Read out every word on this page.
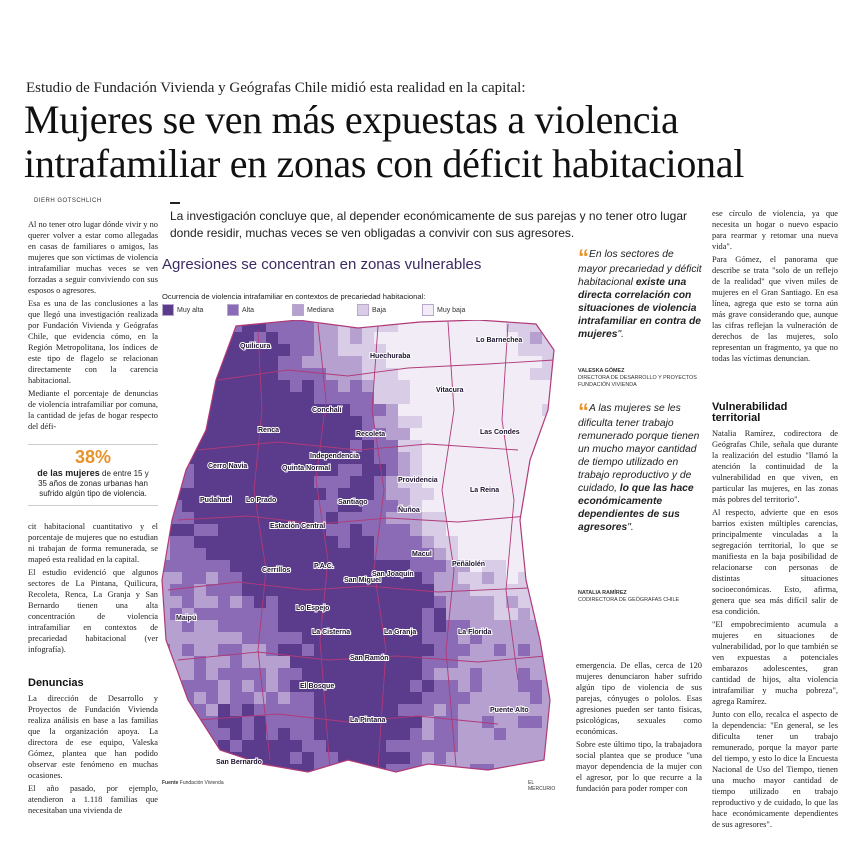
Estudio de Fundación Vivienda y Geógrafas Chile midió esta realidad en la capital:
Mujeres se ven más expuestas a violencia intrafamiliar en zonas con déficit habitacional
DIERH GOTSCHLICH
La investigación concluye que, al depender económicamente de sus parejas y no tener otro lugar donde residir, muchas veces se ven obligadas a convivir con sus agresores.

Al no tener otro lugar dónde vivir y no querer volver a estar como allegadas en casas de familiares o amigos, las mujeres que son víctimas de violencia intrafamiliar muchas veces se ven forzadas a seguir conviviendo con sus esposos o agresores.

Esa es una de las conclusiones a las que llegó una investigación realizada por Fundación Vivienda y Geógrafas Chile, que evidencia cómo, en la Región Metropolitana, los índices de este tipo de flagelo se relacionan directamente con la carencia habitacional.

Mediante el porcentaje de denuncias de violencia intrafamiliar por comuna, la cantidad de jefas de hogar respecto del défi-

38%
de las mujeres de entre 15 y 35 años de zonas urbanas han sufrido algún tipo de violencia.

cit habitacional cuantitativo y el porcentaje de mujeres que no estudian ni trabajan de forma remunerada, se mapeó esta realidad en la capital.

El estudio evidenció que algunos sectores de La Pintana, Quilicura, Recoleta, Renca, La Granja y San Bernardo tienen una alta concentración de violencia intrafamiliar en contextos de precariedad habitacional (ver infografía).

Denuncias

La dirección de Desarrollo y Proyectos de Fundación Vivienda realiza análisis en base a las familias que la organización apoya. La directora de ese equipo, Valeska Gómez, plantea que han podido observar este fenómeno en muchas ocasiones.

El año pasado, por ejemplo, atendieron a 1.118 familias que necesitaban una vivienda de

Agresiones se concentran en zonas vulnerables
Ocurrencia de violencia intrafamiliar en contextos de precariedad habitacional:
Muy alta	Alta	Mediana	Baja	Muy baja
Quilicura
Huechuraba
Lo Barnechea
Conchalí
Vitacura
Renca
Recoleta	Las Condes
Independencia
Cerro Navia	Quinta Normal
Providencia
Pudahuel Lo Prado	Santiago
La Reina
Ñuñoa
Estación Central
Macul
Peñalolén
Cerrillos
P.A.C.
San Miguel
San Joaquín
Maipú
Lo Espejo
La Cisterna	La Granja	La Florida
San Ramón
El Bosque
Puente Alto
La Pintana
San Bernardo
Fuente Fundación Vivienda	EL MERCURIO
“En los sectores de mayor precariedad y déficit habitacional existe una directa correlación con situaciones de violencia intrafamiliar en contra de mujeres".
VALESKA GÓMEZ
DIRECTORA DE DESARROLLO Y PROYECTOS FUNDACIÓN VIVIENDA
“A las mujeres se les dificulta tener trabajo remunerado porque tienen un mucho mayor cantidad de tiempo utilizado en trabajo reproductivo y de cuidado, lo que las hace económicamente dependientes de sus agresores".
NATALIA RAMÍREZ
CODIRECTORA DE GEÓGRAFAS CHILE

emergencia. De ellas, cerca de 120 mujeres denunciaron haber sufrido algún tipo de violencia de sus parejas, cónyuges o pololos. Esas agresiones pueden ser tanto físicas, psicológicas, sexuales como económicas.

Sobre este último tipo, la trabajadora social plantea que se produce "una mayor dependencia de la mujer con el agresor, por lo que recurre a la fundación para poder romper con

ese círculo de violencia, ya que necesita un hogar o nuevo espacio para rearmar y retomar una nueva vida".

Para Gómez, el panorama que describe se trata "solo de un reflejo de la realidad" que viven miles de mujeres en el Gran Santiago. En esa línea, agrega que esto se torna aún más grave considerando que, aunque las cifras reflejan la vulneración de derechos de las mujeres, solo representan un fragmento, ya que no todas las víctimas denuncian.

Vulnerabilidad territorial

Natalia Ramírez, codirectora de Geógrafas Chile, señala que durante la realización del estudio "llamó la atención la continuidad de la vulnerabilidad en que viven, en particular las mujeres, en las zonas más pobres del territorio".

Al respecto, advierte que en esos barrios existen múltiples carencias, principalmente vinculadas a la segregación territorial, lo que se manifiesta en la baja posibilidad de relacionarse con personas de distintas situaciones socioeconómicas. Esto, afirma, genera que sea más difícil salir de esa condición.

"El empobrecimiento acumula a mujeres en situaciones de vulnerabilidad, por lo que también se ven expuestas a potenciales embarazos adolescentes, gran cantidad de hijos, alta violencia intrafamiliar y mucha pobreza", agrega Ramírez.

Junto con ello, recalca el aspecto de la dependencia: "En general, se les dificulta tener un trabajo remunerado, porque la mayor parte del tiempo, y esto lo dice la Encuesta Nacional de Uso del Tiempo, tienen una mucho mayor cantidad de tiempo utilizado en trabajo reproductivo y de cuidado, lo que las hace económicamente dependientes de sus agresores".
